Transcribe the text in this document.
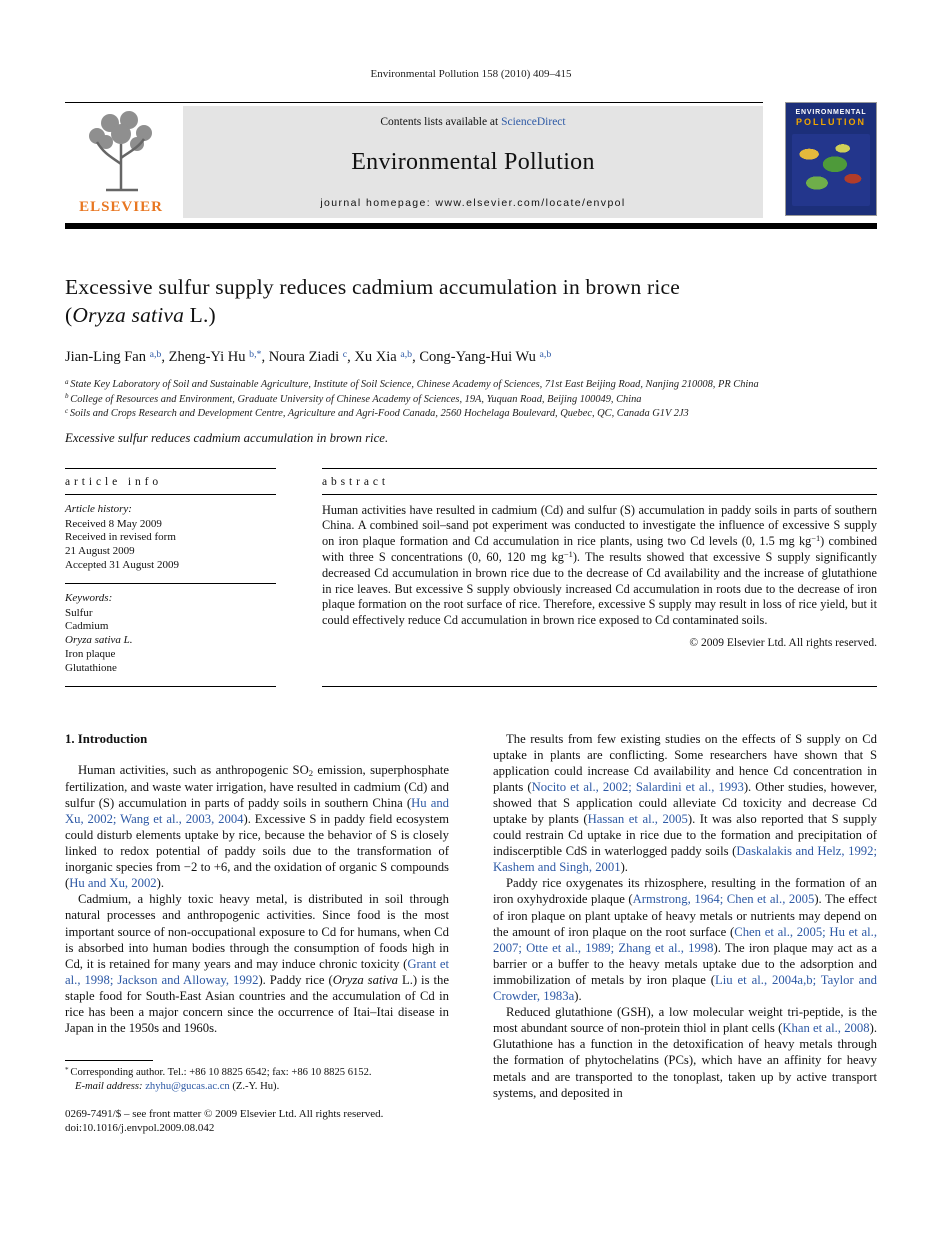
Environmental Pollution 158 (2010) 409–415
ELSEVIER
Contents lists available at ScienceDirect
Environmental Pollution
journal homepage: www.elsevier.com/locate/envpol
ENVIRONMENTAL
POLLUTION
Excessive sulfur supply reduces cadmium accumulation in brown rice
(Oryza sativa L.)
Jian-Ling Fan $^{a,b}$, Zheng-Yi Hu $^{b,*}$, Noura Ziadi $^c$, Xu Xia $^{a,b}$, Cong-Yang-Hui Wu $^{a,b}$
$^a$ State Key Laboratory of Soil and Sustainable Agriculture, Institute of Soil Science, Chinese Academy of Sciences, 71st East Beijing Road, Nanjing 210008, PR China
$^b$ College of Resources and Environment, Graduate University of Chinese Academy of Sciences, 19A, Yuquan Road, Beijing 100049, China
$^c$ Soils and Crops Research and Development Centre, Agriculture and Agri-Food Canada, 2560 Hochelaga Boulevard, Quebec, QC, Canada G1V 2J3
Excessive sulfur reduces cadmium accumulation in brown rice.
article info
Article history:
Received 8 May 2009
Received in revised form
21 August 2009
Accepted 31 August 2009
Keywords:
Sulfur
Cadmium
Oryza sativa L.
Iron plaque
Glutathione
abstract

Human activities have resulted in cadmium (Cd) and sulfur (S) accumulation in paddy soils in parts of southern China. A combined soil–sand pot experiment was conducted to investigate the influence of excessive S supply on iron plaque formation and Cd accumulation in rice plants, using two Cd levels (0, 1.5 mg $kg^{-1}$) combined with three S concentrations (0, 60, 120 mg $kg^{-1}$). The results showed that excessive S supply significantly decreased Cd accumulation in brown rice due to the decrease of Cd availability and the increase of glutathione in rice leaves. But excessive S supply obviously increased Cd accumulation in roots due to the decrease of iron plaque formation on the root surface of rice. Therefore, excessive S supply may result in loss of rice yield, but it could effectively reduce Cd accumulation in brown rice exposed to Cd contaminated soils.

© 2009 Elsevier Ltd. All rights reserved.
1. Introduction

Human activities, such as anthropogenic SO2 emission, superphosphate fertilization, and waste water irrigation, have resulted in cadmium (Cd) and sulfur (S) accumulation in parts of paddy soils in southern China (Hu and Xu, 2002; Wang et al., 2003, 2004). Excessive S in paddy field ecosystem could disturb elements uptake by rice, because the behavior of S is closely linked to redox potential of paddy soils due to the transformation of inorganic species from −2 to +6, and the oxidation of organic S compounds (Hu and Xu, 2002).

Cadmium, a highly toxic heavy metal, is distributed in soil through natural processes and anthropogenic activities. Since food is the most important source of non-occupational exposure to Cd for humans, when Cd is absorbed into human bodies through the consumption of foods high in Cd, it is retained for many years and may induce chronic toxicity (Grant et al., 1998; Jackson and Alloway, 1992). Paddy rice (Oryza sativa L.) is the staple food for South-East Asian countries and the accumulation of Cd in rice has been a major concern since the occurrence of Itai–Itai disease in Japan in the 1950s and 1960s.

* Corresponding author. Tel.: +86 10 8825 6542; fax: +86 10 8825 6152.
E-mail address: zhyhu@gucas.ac.cn (Z.-Y. Hu).
0269-7491/$ – see front matter © 2009 Elsevier Ltd. All rights reserved.
doi:10.1016/j.envpol.2009.08.042

The results from few existing studies on the effects of S supply on Cd uptake in plants are conflicting. Some researchers have shown that S application could increase Cd availability and hence Cd concentration in plants (Nocito et al., 2002; Salardini et al., 1993). Other studies, however, showed that S application could alleviate Cd toxicity and decrease Cd uptake by plants (Hassan et al., 2005). It was also reported that S supply could restrain Cd uptake in rice due to the formation and precipitation of indiscerptible CdS in waterlogged paddy soils (Daskalakis and Helz, 1992; Kashem and Singh, 2001).

Paddy rice oxygenates its rhizosphere, resulting in the formation of an iron oxyhydroxide plaque (Armstrong, 1964; Chen et al., 2005). The effect of iron plaque on plant uptake of heavy metals or nutrients may depend on the amount of iron plaque on the root surface (Chen et al., 2005; Hu et al., 2007; Otte et al., 1989; Zhang et al., 1998). The iron plaque may act as a barrier or a buffer to the heavy metals uptake due to the adsorption and immobilization of metals by iron plaque (Liu et al., 2004a,b; Taylor and Crowder, 1983a).

Reduced glutathione (GSH), a low molecular weight tri-peptide, is the most abundant source of non-protein thiol in plant cells (Khan et al., 2008). Glutathione has a function in the detoxification of heavy metals through the formation of phytochelatins (PCs), which have an affinity for heavy metals and are transported to the tonoplast, taken up by active transport systems, and deposited in
